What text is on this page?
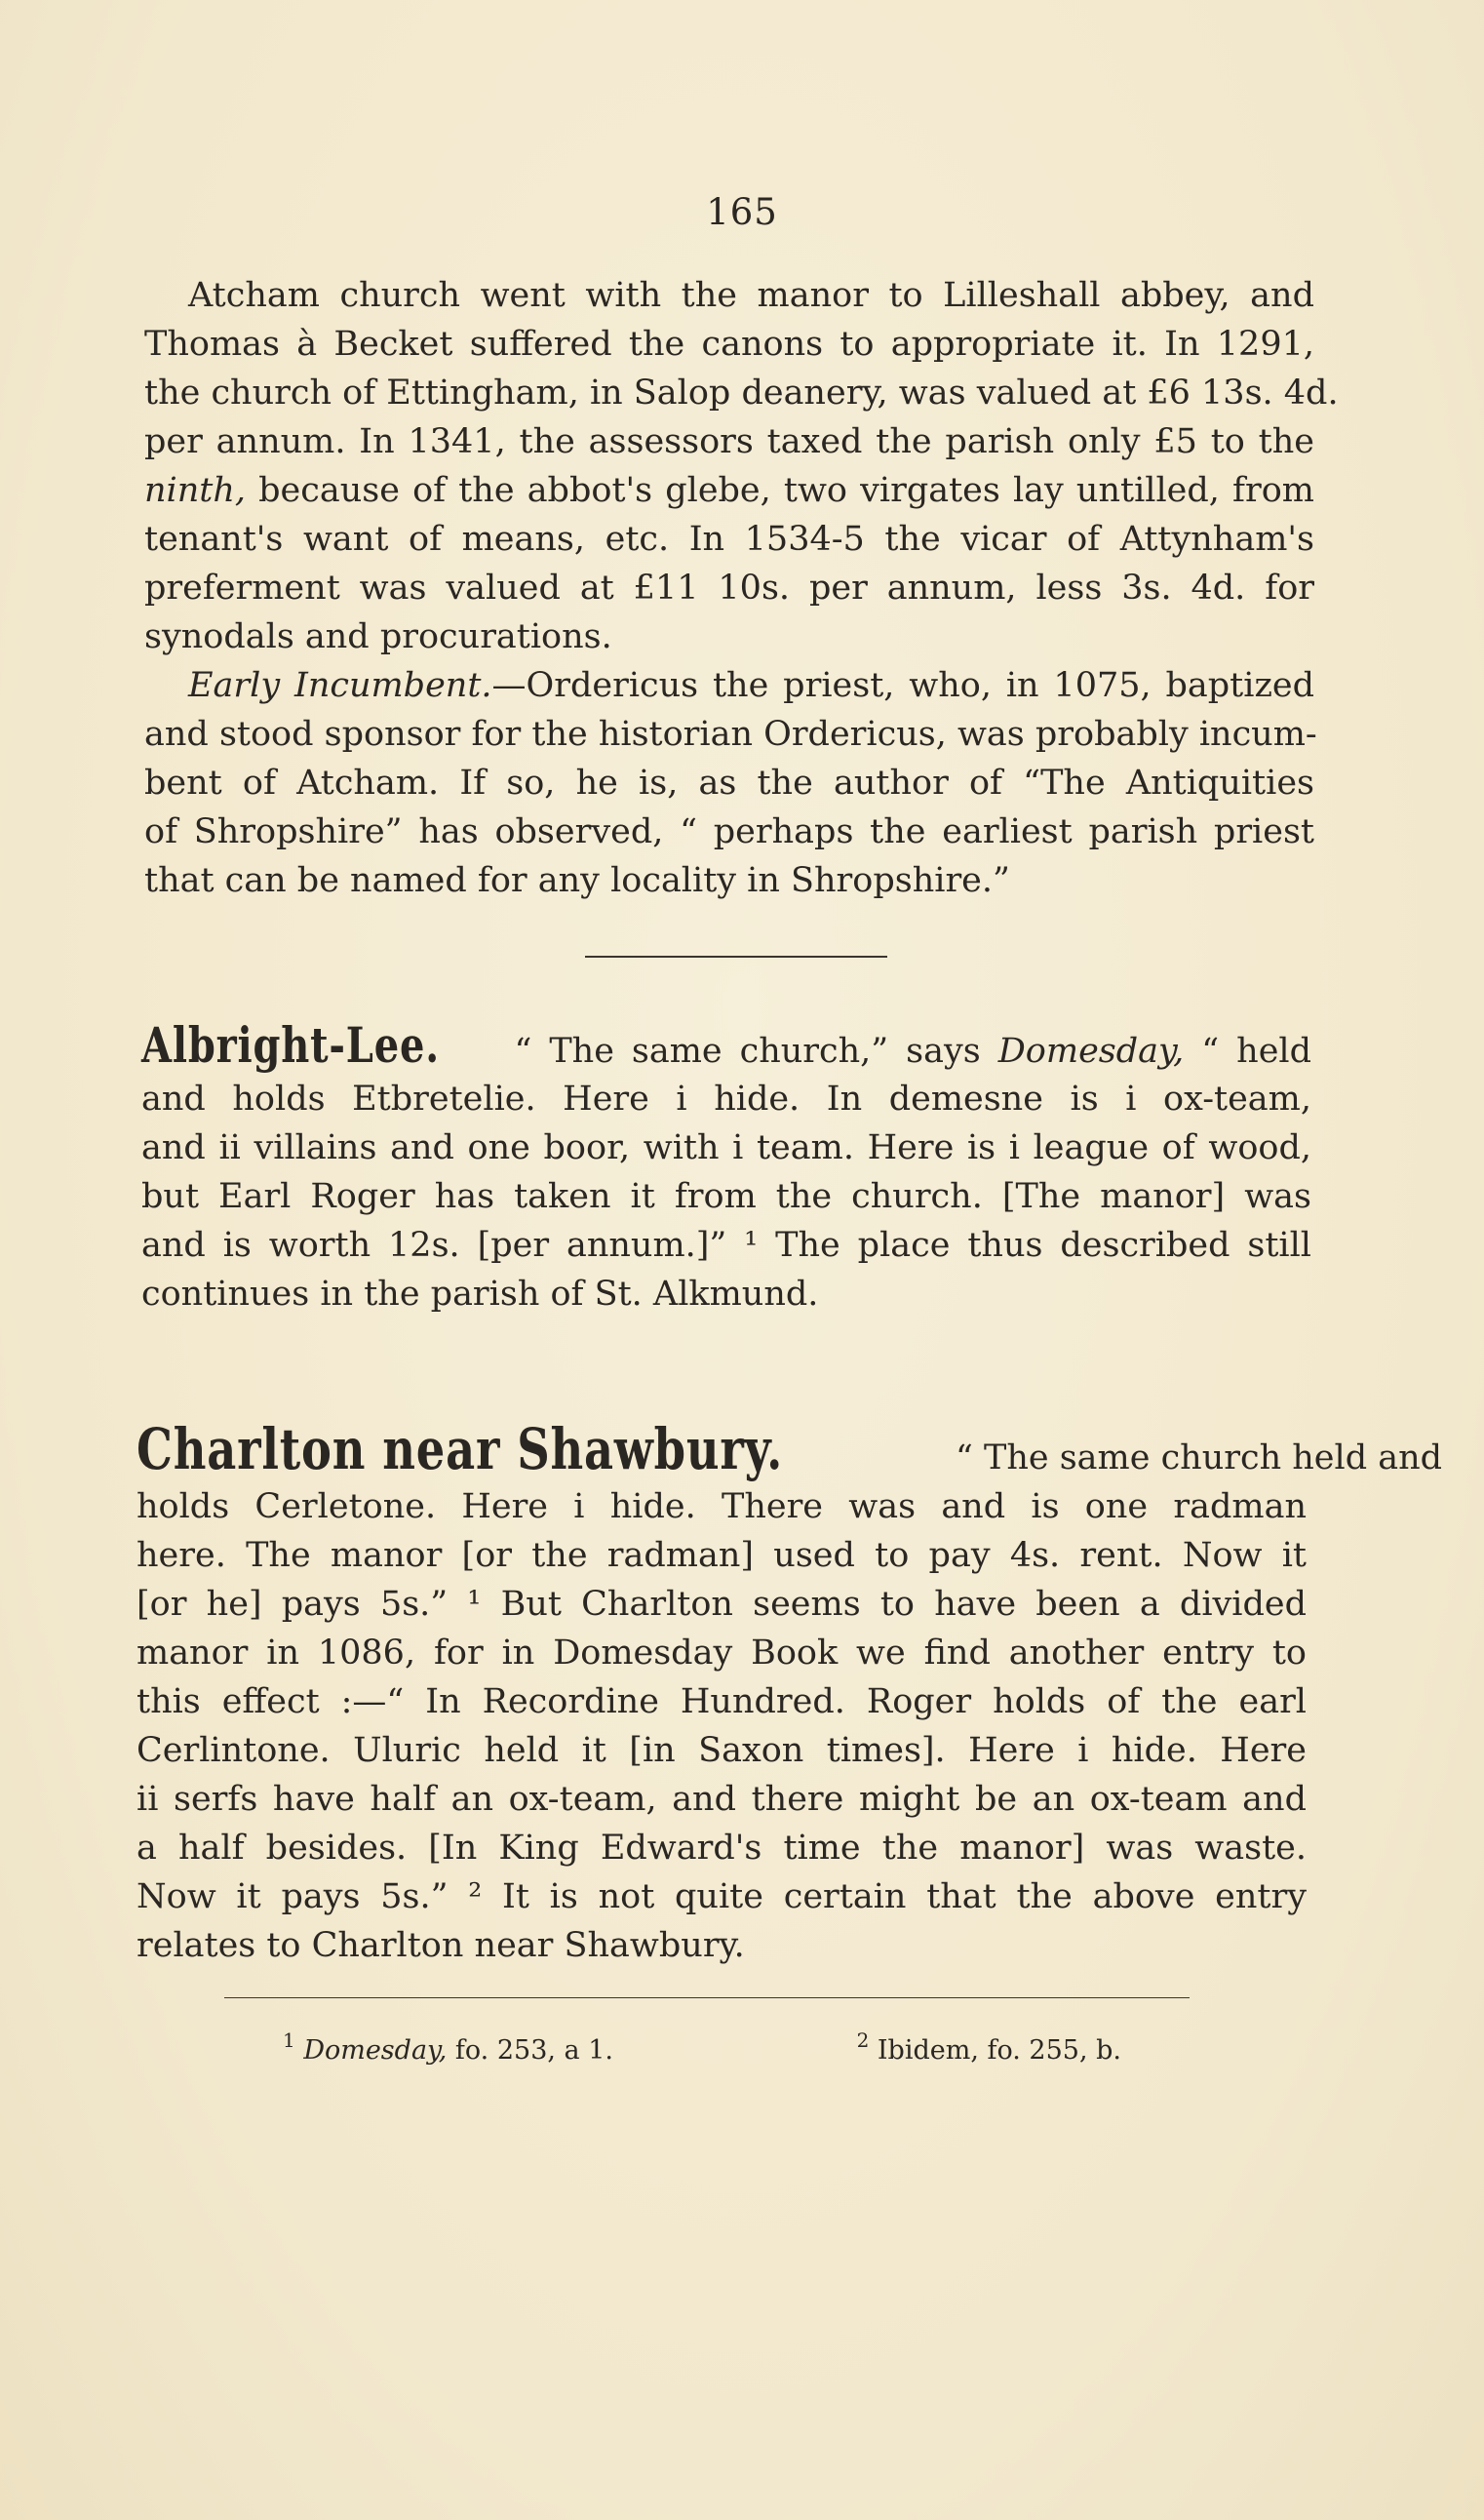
165
Atcham church went with the manor to Lilleshall abbey, and
Thomas à Becket suffered the canons to appropriate it. In 1291,
the church of Ettingham, in Salop deanery, was valued at £6 13s. 4d.
per annum. In 1341, the assessors taxed the parish only £5 to the
ninth, because of the abbot's glebe, two virgates lay untilled, from
tenant's want of means, etc. In 1534-5 the vicar of Attynham's
preferment was valued at £11 10s. per annum, less 3s. 4d. for
synodals and procurations.
Early Incumbent.—Ordericus the priest, who, in 1075, baptized
and stood sponsor for the historian Ordericus, was probably incum-
bent of Atcham. If so, he is, as the author of “The Antiquities
of Shropshire” has observed, “ perhaps the earliest parish priest
that can be named for any locality in Shropshire.”
Albright-Lee. “ The same church,” says Domesday, “ held
and holds Etbretelie. Here i hide. In demesne is i ox-team,
and ii villains and one boor, with i team. Here is i league of wood,
but Earl Roger has taken it from the church. [The manor] was
and is worth 12s. [per annum.]” ¹ The place thus described still
continues in the parish of St. Alkmund.
Charlton near Shawbury.	“ The same church held and
holds Cerletone. Here i hide. There was and is one radman
here. The manor [or the radman] used to pay 4s. rent. Now it
[or he] pays 5s.” ¹ But Charlton seems to have been a divided
manor in 1086, for in Domesday Book we find another entry to
this effect :—“ In Recordine Hundred. Roger holds of the earl
Cerlintone. Uluric held it [in Saxon times]. Here i hide. Here
ii serfs have half an ox-team, and there might be an ox-team and
a half besides. [In King Edward's time the manor] was waste.
Now it pays 5s.” ² It is not quite certain that the above entry
relates to Charlton near Shawbury.
$^1$ Domesday, fo. 253, a 1.	$^2$ Ibidem, fo. 255, b.
